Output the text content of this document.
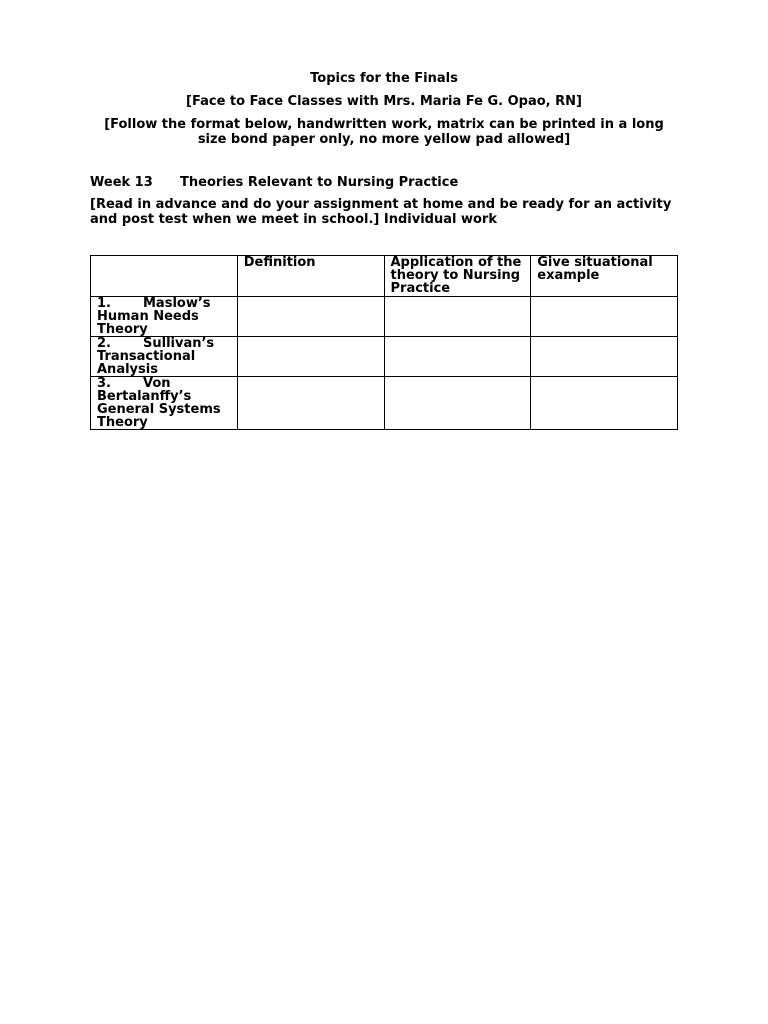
Topics for the Finals
[Face to Face Classes with Mrs. Maria Fe G. Opao, RN]
[Follow the format below, handwritten work, matrix can be printed in a long size bond paper only, no more yellow pad allowed]
Week 13 Theories Relevant to Nursing Practice
[Read in advance and do your assignment at home and be ready for an activity and post test when we meet in school.] Individual work
	Definition	Application of the theory to Nursing Practice	Give situational example
1. Maslow’s Human Needs Theory			
2. Sullivan’s Transactional Analysis			
3. Von Bertalanffy’s General Systems Theory			
